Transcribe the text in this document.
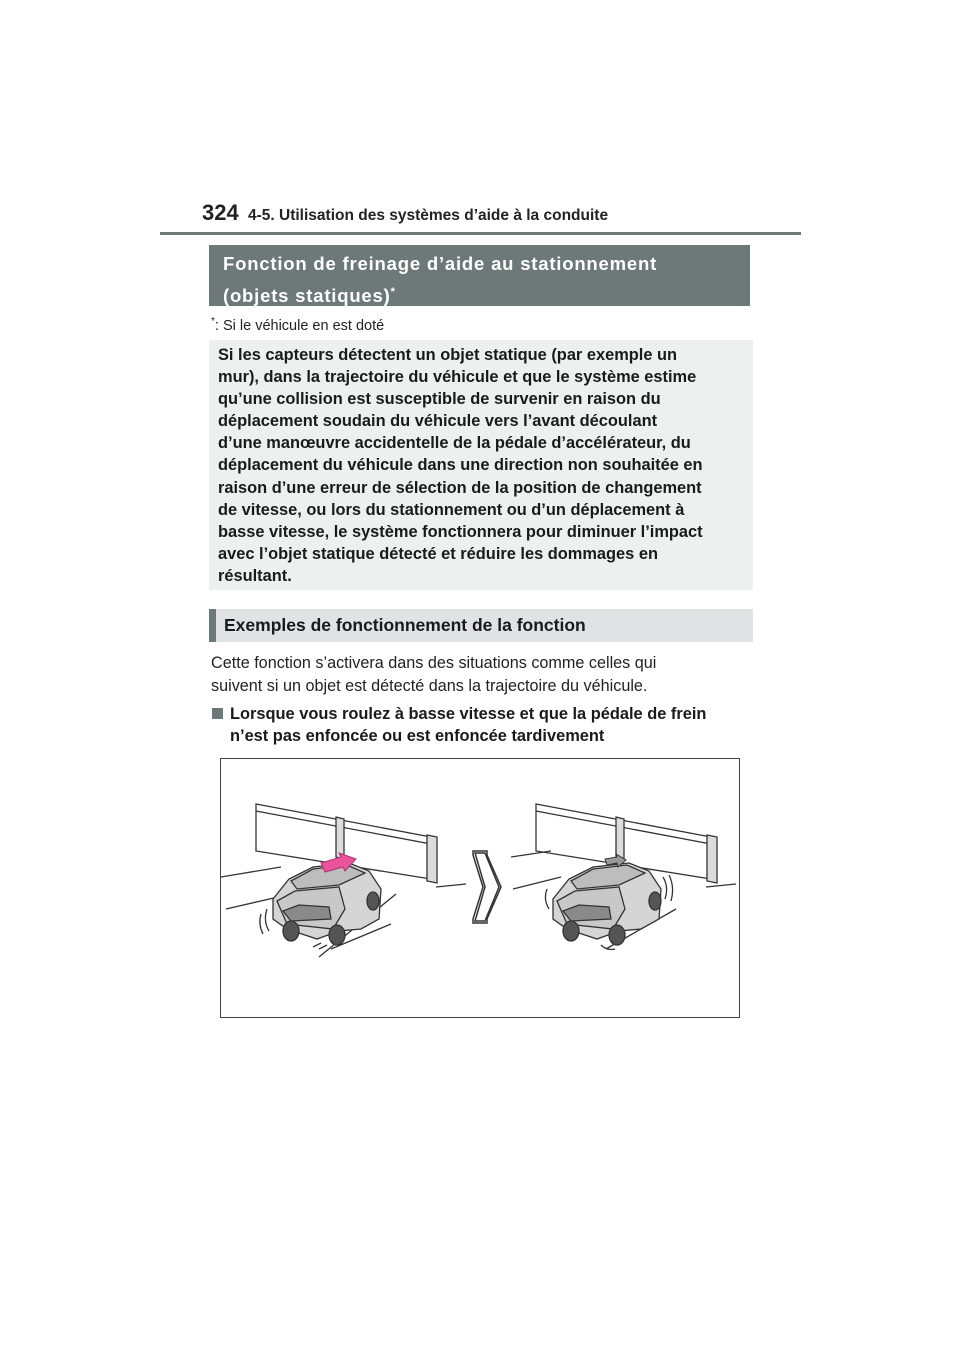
324 4-5. Utilisation des systèmes d’aide à la conduite
Fonction de freinage d’aide au stationnement
(objets statiques)*
*: Si le véhicule en est doté
Si les capteurs détectent un objet statique (par exemple un
mur), dans la trajectoire du véhicule et que le système estime
qu’une collision est susceptible de survenir en raison du
déplacement soudain du véhicule vers l’avant découlant
d’une manœuvre accidentelle de la pédale d’accélérateur, du
déplacement du véhicule dans une direction non souhaitée en
raison d’une erreur de sélection de la position de changement
de vitesse, ou lors du stationnement ou d’un déplacement à
basse vitesse, le système fonctionnera pour diminuer l’impact
avec l’objet statique détecté et réduire les dommages en
résultant.
Exemples de fonctionnement de la fonction
Cette fonction s’activera dans des situations comme celles qui
suivent si un objet est détecté dans la trajectoire du véhicule.
Lorsque vous roulez à basse vitesse et que la pédale de frein
n’est pas enfoncée ou est enfoncée tardivement
